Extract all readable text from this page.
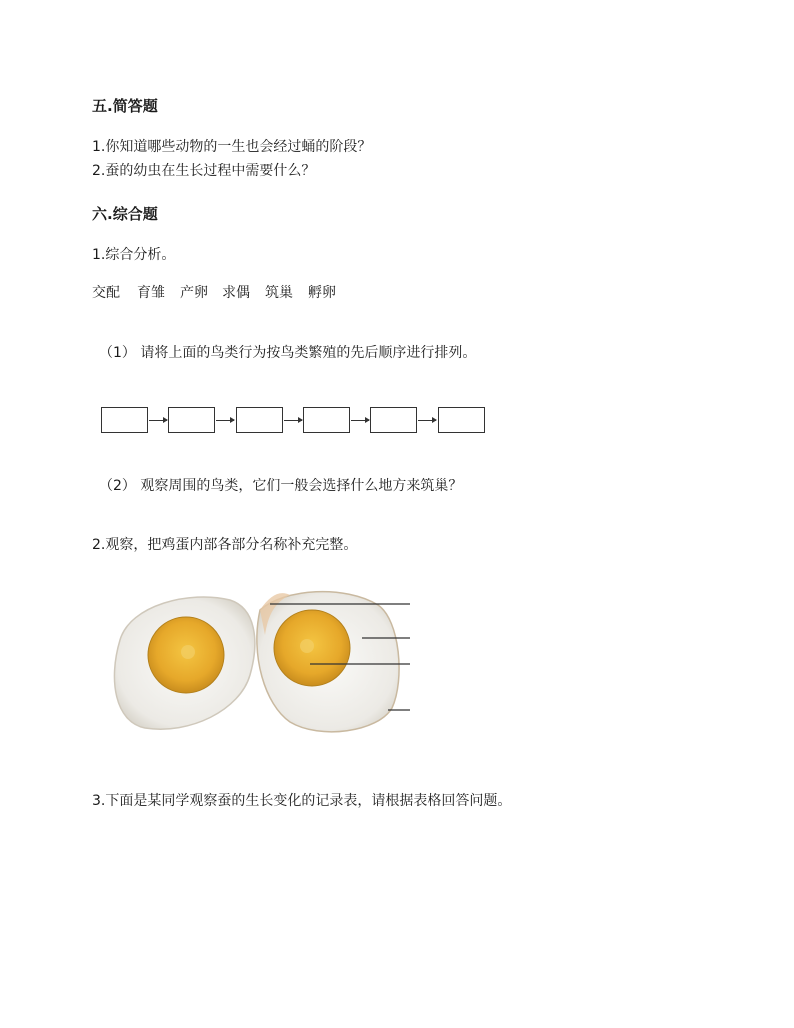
五.简答题
1.你知道哪些动物的一生也会经过蛹的阶段？
2.蚕的幼虫在生长过程中需要什么？
六.综合题
1.综合分析。
交配 育雏 产卵 求偶 筑巢 孵卵
（1） 请将上面的鸟类行为按鸟类繁殖的先后顺序进行排列。
（2） 观察周围的鸟类，它们一般会选择什么地方来筑巢？
2.观察，把鸡蛋内部各部分名称补充完整。
3.下面是某同学观察蚕的生长变化的记录表，请根据表格回答问题。
